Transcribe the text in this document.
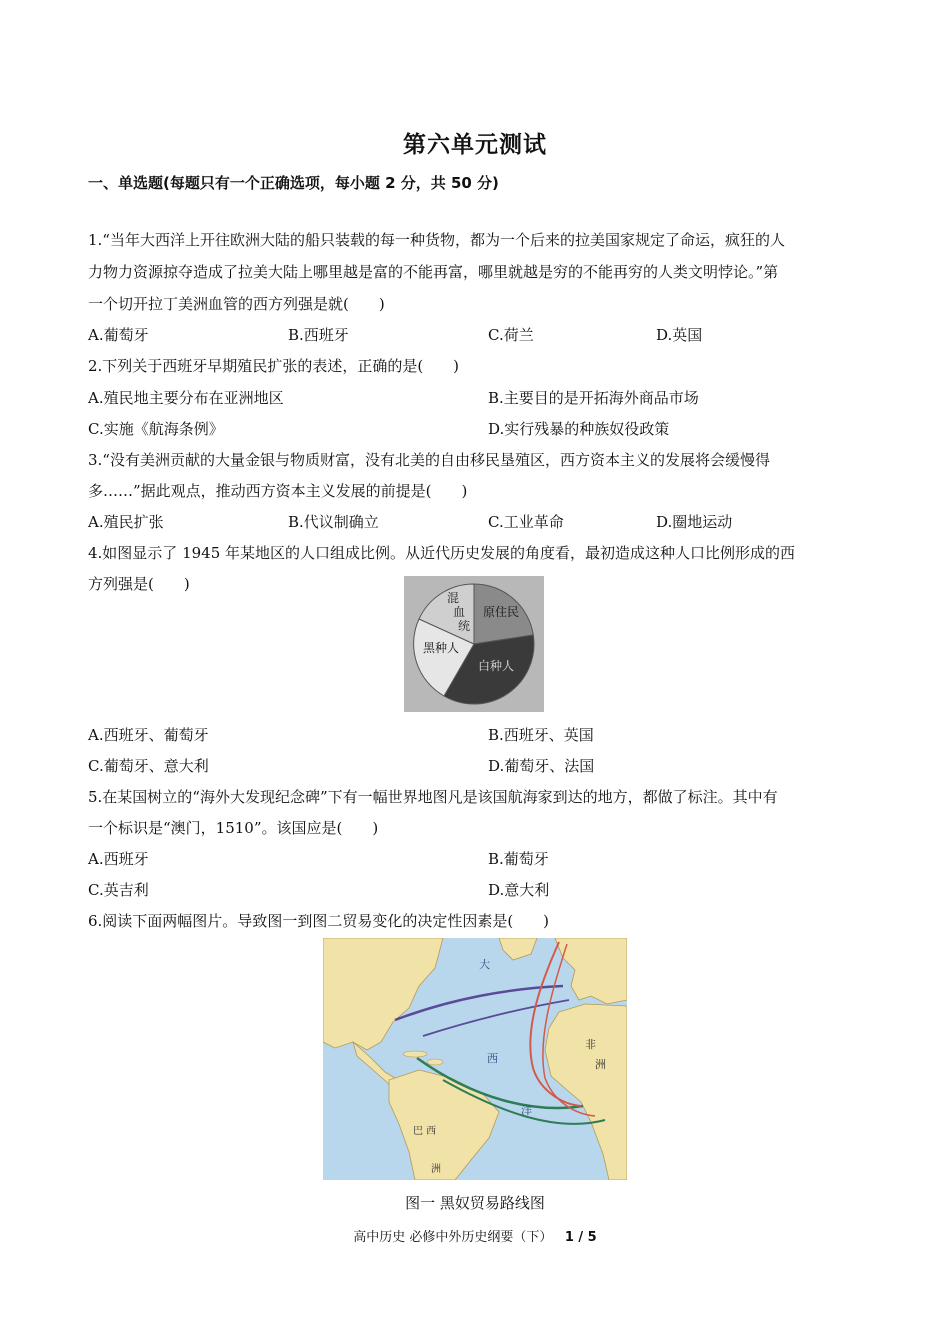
第六单元测试
一、单选题(每题只有一个正确选项，每小题 2 分，共 50 分)
1.“当年大西洋上开往欧洲大陆的船只装载的每一种货物，都为一个后来的拉美国家规定了命运，疯狂的人
力物力资源掠夺造成了拉美大陆上哪里越是富的不能再富，哪里就越是穷的不能再穷的人类文明悖论。”第
一个切开拉丁美洲血管的西方列强是就(　　)
A.葡萄牙	B.西班牙	C.荷兰	D.英国
2.下列关于西班牙早期殖民扩张的表述，正确的是(　　)
A.殖民地主要分布在亚洲地区	B.主要目的是开拓海外商品市场
C.实施《航海条例》	D.实行残暴的种族奴役政策
3.“没有美洲贡献的大量金银与物质财富，没有北美的自由移民垦殖区，西方资本主义的发展将会缓慢得
多……”据此观点，推动西方资本主义发展的前提是(　　)
A.殖民扩张	B.代议制确立	C.工业革命	D.圈地运动
4.如图显示了 1945 年某地区的人口组成比例。从近代历史发展的角度看，最初造成这种人口比例形成的西
方列强是(　　)
混
血
统
原住民
黑种人
白种人
A.西班牙、葡萄牙	B.西班牙、英国
C.葡萄牙、意大利	D.葡萄牙、法国
5.在某国树立的“海外大发现纪念碑”下有一幅世界地图凡是该国航海家到达的地方，都做了标注。其中有
一个标识是“澳门，1510”。该国应是(　　)
A.西班牙	B.葡萄牙
C.英吉利	D.意大利
6.阅读下面两幅图片。导致图一到图二贸易变化的决定性因素是(　　)
大
西
洋
非
洲
巴 西
洲
图一 黑奴贸易路线图
高中历史 必修中外历史纲要（下） 1 / 5
